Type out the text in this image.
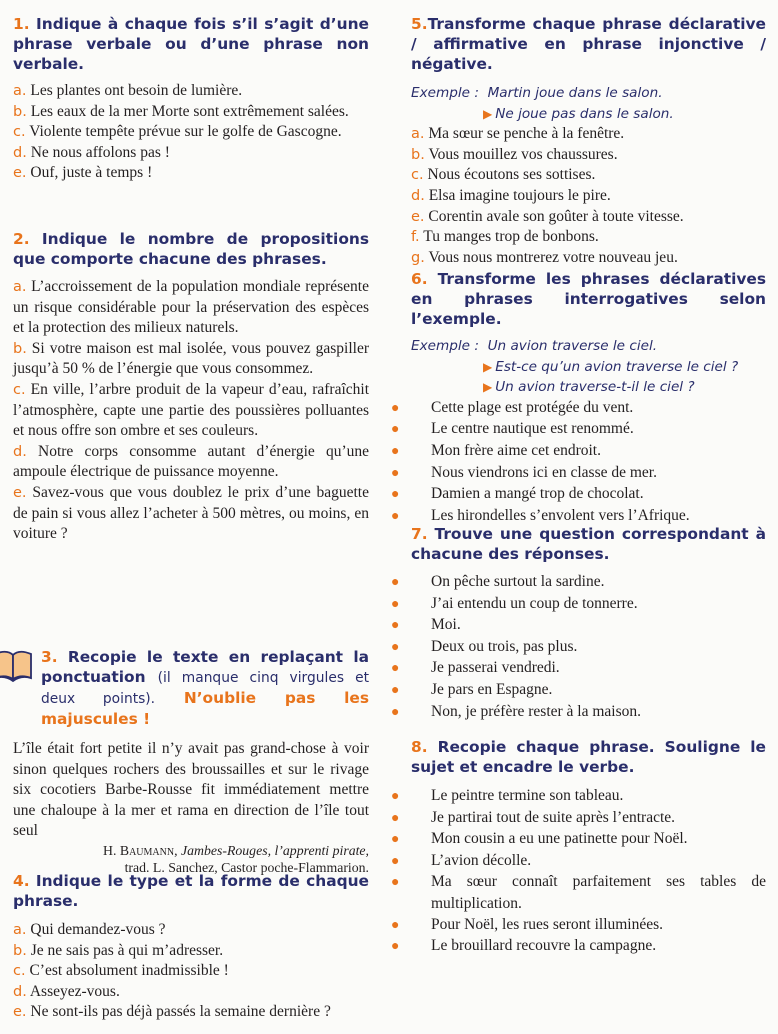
1. Indique à chaque fois s’il s’agit d’une phrase verbale ou d’une phrase non verbale.
a. Les plantes ont besoin de lumière.
b. Les eaux de la mer Morte sont extrêmement salées.
c. Violente tempête prévue sur le golfe de Gascogne.
d. Ne nous affolons pas !
e. Ouf, juste à temps !
2. Indique le nombre de propositions que comporte chacune des phrases.
a. L’accroissement de la population mondiale représente un risque considérable pour la préservation des espèces et la protection des milieux naturels.
b. Si votre maison est mal isolée, vous pouvez gaspiller jusqu’à 50 % de l’énergie que vous consommez.
c. En ville, l’arbre produit de la vapeur d’eau, rafraîchit l’atmosphère, capte une partie des poussières polluantes et nous offre son ombre et ses couleurs.
d. Notre corps consomme autant d’énergie qu’une ampoule électrique de puissance moyenne.
e. Savez-vous que vous doublez le prix d’une baguette de pain si vous allez l’acheter à 500 mètres, ou moins, en voiture ?
3. Recopie le texte en replaçant la ponctuation (il manque cinq virgules et deux points). N’oublie pas les majuscules !
L’île était fort petite il n’y avait pas grand-chose à voir sinon quelques rochers des broussailles et sur le rivage six cocotiers Barbe-Rousse fit immédiatement mettre une chaloupe à la mer et rama en direction de l’île tout seul
H. Baumann, Jambes-Rouges, l’apprenti pirate,
trad. L. Sanchez, Castor poche-Flammarion.
4. Indique le type et la forme de chaque phrase.
a. Qui demandez-vous ?
b. Je ne sais pas à qui m’adresser.
c. C’est absolument inadmissible !
d. Asseyez-vous.
e. Ne sont-ils pas déjà passés la semaine dernière ?
5.Transforme chaque phrase déclarative / affirmative en phrase injonctive / négative.
Exemple : Martin joue dans le salon.
▶ Ne joue pas dans le salon.
a. Ma sœur se penche à la fenêtre.
b. Vous mouillez vos chaussures.
c. Nous écoutons ses sottises.
d. Elsa imagine toujours le pire.
e. Corentin avale son goûter à toute vitesse.
f. Tu manges trop de bonbons.
g. Vous nous montrerez votre nouveau jeu.
6. Transforme les phrases déclaratives en phrases interrogatives selon l’exemple.
Exemple : Un avion traverse le ciel.
▶ Est-ce qu’un avion traverse le ciel ?
▶ Un avion traverse-t-il le ciel ?
● Cette plage est protégée du vent.
● Le centre nautique est renommé.
● Mon frère aime cet endroit.
● Nous viendrons ici en classe de mer.
● Damien a mangé trop de chocolat.
● Les hirondelles s’envolent vers l’Afrique.
7. Trouve une question correspondant à chacune des réponses.
● On pêche surtout la sardine.
● J’ai entendu un coup de tonnerre.
● Moi.
● Deux ou trois, pas plus.
● Je passerai vendredi.
● Je pars en Espagne.
● Non, je préfère rester à la maison.
8. Recopie chaque phrase. Souligne le sujet et encadre le verbe.
● Le peintre termine son tableau.
● Je partirai tout de suite après l’entracte.
● Mon cousin a eu une patinette pour Noël.
● L’avion décolle.
● Ma sœur connaît parfaitement ses tables de multiplication.
● Pour Noël, les rues seront illuminées.
● Le brouillard recouvre la campagne.
